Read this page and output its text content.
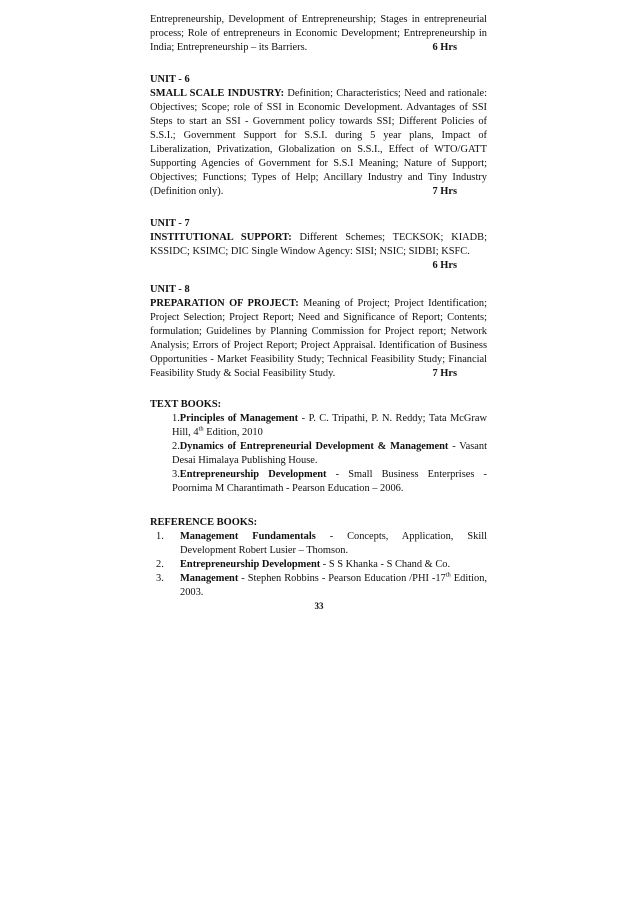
Entrepreneurship, Development of Entrepreneurship; Stages in entrepreneurial process; Role of entrepreneurs in Economic Development; Entrepreneurship in India; Entrepreneurship – its Barriers.	6 Hrs

UNIT - 6

SMALL SCALE INDUSTRY: Definition; Characteristics; Need and rationale: Objectives; Scope; role of SSI in Economic Development. Advantages of SSI Steps to start an SSI - Government policy towards SSI; Different Policies of S.S.I.; Government Support for S.S.I. during 5 year plans, Impact of Liberalization, Privatization, Globalization on S.S.I., Effect of WTO/GATT Supporting Agencies of Government for S.S.I Meaning; Nature of Support; Objectives; Functions; Types of Help; Ancillary Industry and Tiny Industry (Definition only).	7 Hrs

UNIT - 7

INSTITUTIONAL SUPPORT: Different Schemes; TECKSOK; KIADB; KSSIDC; KSIMC; DIC Single Window Agency: SISI; NSIC; SIDBI; KSFC.

6 Hrs
UNIT - 8

PREPARATION OF PROJECT: Meaning of Project; Project Identification; Project Selection; Project Report; Need and Significance of Report; Contents; formulation; Guidelines by Planning Commission for Project report; Network Analysis; Errors of Project Report; Project Appraisal. Identification of Business Opportunities - Market Feasibility Study; Technical Feasibility Study; Financial Feasibility Study & Social Feasibility Study.	7 Hrs

TEXT BOOKS:
1.Principles of Management - P. C. Tripathi, P. N. Reddy; Tata McGraw Hill, 4th Edition, 2010
2.Dynamics of Entrepreneurial Development & Management - Vasant Desai Himalaya Publishing House.
3.Entrepreneurship Development - Small Business Enterprises - Poornima M Charantimath - Pearson Education – 2006.
REFERENCE BOOKS:
1. Management Fundamentals - Concepts, Application, Skill Development Robert Lusier – Thomson.
2. Entrepreneurship Development - S S Khanka - S Chand & Co.
3. Management - Stephen Robbins - Pearson Education /PHI -17th Edition, 2003.
33
